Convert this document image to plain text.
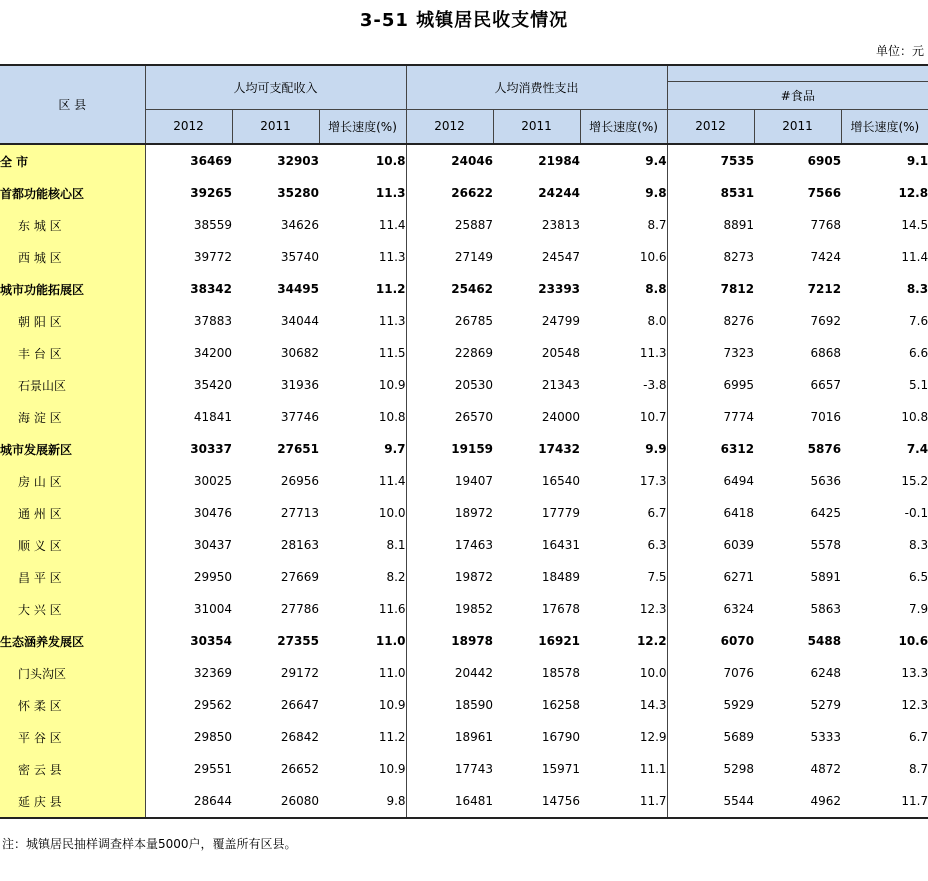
3-51 城镇居民收支情况
单位：元
区 县	人均可支配收入			人均消费性支出					
							#食品		
	2012	2011	增长速度(%)	2012	2011	增长速度(%)	2012	2011	增长速度(%)
全 市	36469	32903	10.8	24046	21984	9.4	7535	6905	9.1
首都功能核心区	39265	35280	11.3	26622	24244	9.8	8531	7566	12.8
东 城 区	38559	34626	11.4	25887	23813	8.7	8891	7768	14.5
西 城 区	39772	35740	11.3	27149	24547	10.6	8273	7424	11.4
城市功能拓展区	38342	34495	11.2	25462	23393	8.8	7812	7212	8.3
朝 阳 区	37883	34044	11.3	26785	24799	8.0	8276	7692	7.6
丰 台 区	34200	30682	11.5	22869	20548	11.3	7323	6868	6.6
石景山区	35420	31936	10.9	20530	21343	-3.8	6995	6657	5.1
海 淀 区	41841	37746	10.8	26570	24000	10.7	7774	7016	10.8
城市发展新区	30337	27651	9.7	19159	17432	9.9	6312	5876	7.4
房 山 区	30025	26956	11.4	19407	16540	17.3	6494	5636	15.2
通 州 区	30476	27713	10.0	18972	17779	6.7	6418	6425	-0.1
顺 义 区	30437	28163	8.1	17463	16431	6.3	6039	5578	8.3
昌 平 区	29950	27669	8.2	19872	18489	7.5	6271	5891	6.5
大 兴 区	31004	27786	11.6	19852	17678	12.3	6324	5863	7.9
生态涵养发展区	30354	27355	11.0	18978	16921	12.2	6070	5488	10.6
门头沟区	32369	29172	11.0	20442	18578	10.0	7076	6248	13.3
怀 柔 区	29562	26647	10.9	18590	16258	14.3	5929	5279	12.3
平 谷 区	29850	26842	11.2	18961	16790	12.9	5689	5333	6.7
密 云 县	29551	26652	10.9	17743	15971	11.1	5298	4872	8.7
延 庆 县	28644	26080	9.8	16481	14756	11.7	5544	4962	11.7
注：城镇居民抽样调查样本量5000户，覆盖所有区县。
